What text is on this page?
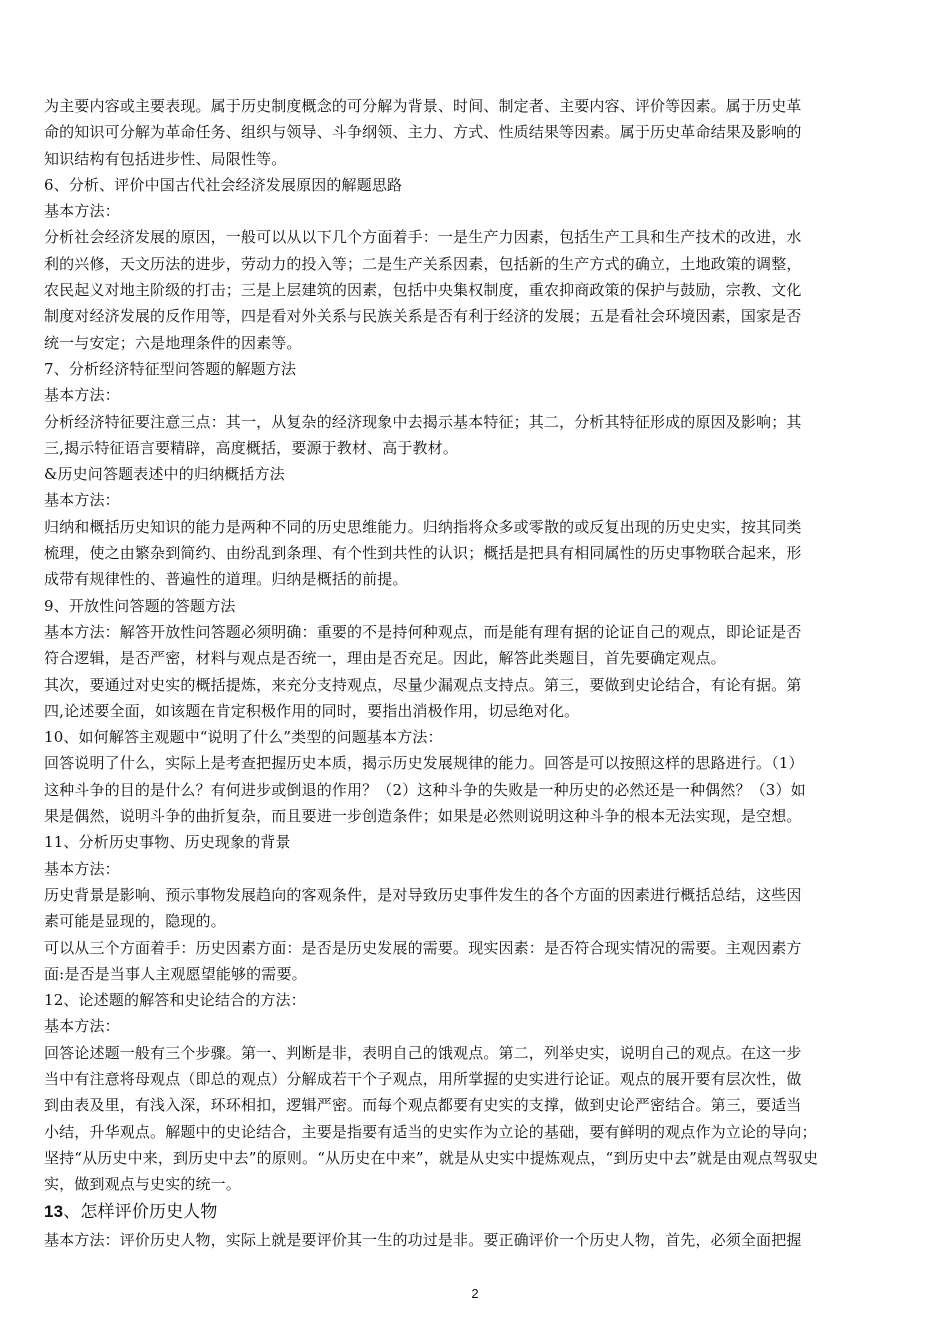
为主要内容或主要表现。属于历史制度概念的可分解为背景、时间、制定者、主要内容、评价等因素。属于历史革
命的知识可分解为革命任务、组织与领导、斗争纲领、主力、方式、性质结果等因素。属于历史革命结果及影响的
知识结构有包括进步性、局限性等。
6、分析、评价中国古代社会经济发展原因的解题思路
基本方法：
分析社会经济发展的原因，一般可以从以下几个方面着手：一是生产力因素，包括生产工具和生产技术的改进，水
利的兴修，天文历法的进步，劳动力的投入等；二是生产关系因素，包括新的生产方式的确立，土地政策的调整，
农民起义对地主阶级的打击；三是上层建筑的因素，包括中央集权制度，重农抑商政策的保护与鼓励，宗教、文化
制度对经济发展的反作用等，四是看对外关系与民族关系是否有利于经济的发展；五是看社会环境因素，国家是否
统一与安定；六是地理条件的因素等。
7、分析经济特征型问答题的解题方法
基本方法：
分析经济特征要注意三点：其一，从复杂的经济现象中去揭示基本特征；其二，分析其特征形成的原因及影响；其
三,揭示特征语言要精辟，高度概括，要源于教材、高于教材。
&历史问答题表述中的归纳概括方法
基本方法：
归纳和概括历史知识的能力是两种不同的历史思维能力。归纳指将众多或零散的或反复出现的历史史实，按其同类
梳理，使之由繁杂到简约、由纷乱到条理、有个性到共性的认识；概括是把具有相同属性的历史事物联合起来，形
成带有规律性的、普遍性的道理。归纳是概括的前提。
9、开放性问答题的答题方法
基本方法：解答开放性问答题必须明确：重要的不是持何种观点，而是能有理有据的论证自己的观点，即论证是否
符合逻辑，是否严密，材料与观点是否统一，理由是否充足。因此，解答此类题目，首先要确定观点。
其次，要通过对史实的概括提炼，来充分支持观点，尽量少漏观点支持点。第三，要做到史论结合，有论有据。第
四,论述要全面，如该题在肯定积极作用的同时，要指出消极作用，切忌绝对化。
10、如何解答主观题中“说明了什么”类型的问题基本方法：
回答说明了什么，实际上是考查把握历史本质，揭示历史发展规律的能力。回答是可以按照这样的思路进行。（1）
这种斗争的目的是什么？有何进步或倒退的作用？（2）这种斗争的失败是一种历史的必然还是一种偶然？（3）如
果是偶然，说明斗争的曲折复杂，而且要进一步创造条件；如果是必然则说明这种斗争的根本无法实现，是空想。
11、分析历史事物、历史现象的背景
基本方法：
历史背景是影响、预示事物发展趋向的客观条件，是对导致历史事件发生的各个方面的因素进行概括总结，这些因
素可能是显现的，隐现的。
可以从三个方面着手：历史因素方面：是否是历史发展的需要。现实因素：是否符合现实情况的需要。主观因素方
面:是否是当事人主观愿望能够的需要。
12、论述题的解答和史论结合的方法：
基本方法：
回答论述题一般有三个步骤。第一、判断是非，表明自己的饿观点。第二，列举史实，说明自己的观点。在这一步
当中有注意将母观点（即总的观点）分解成若干个子观点，用所掌握的史实进行论证。观点的展开要有层次性，做
到由表及里，有浅入深，环环相扣，逻辑严密。而每个观点都要有史实的支撑，做到史论严密结合。第三，要适当
小结，升华观点。解题中的史论结合，主要是指要有适当的史实作为立论的基础，要有鲜明的观点作为立论的导向；
坚持“从历史中来，到历史中去”的原则。“从历史在中来”，就是从史实中提炼观点，“到历史中去”就是由观点驾驭史
实，做到观点与史实的统一。
13、怎样评价历史人物
基本方法：评价历史人物，实际上就是要评价其一生的功过是非。要正确评价一个历史人物，首先，必须全面把握
2
